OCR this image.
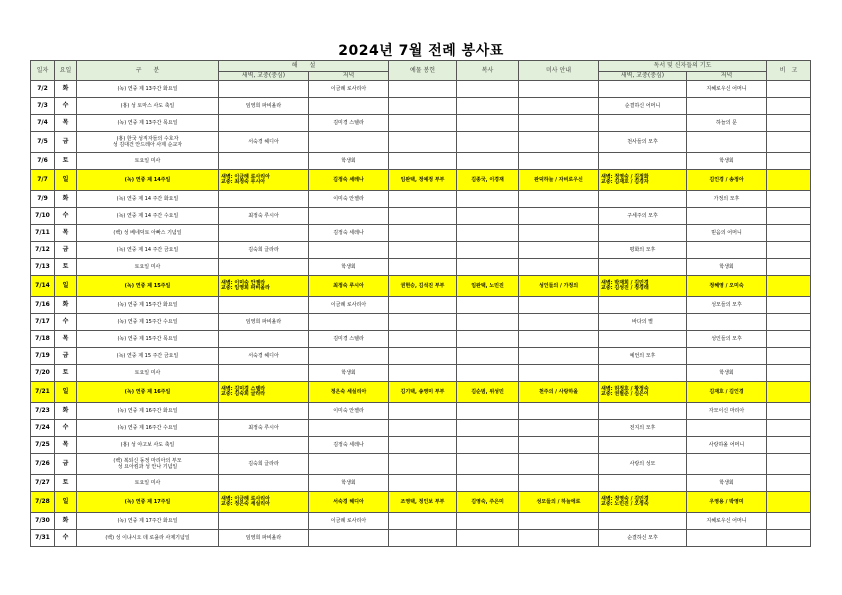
2024년 7월 전례 봉사표
일자	요일	구　　분	해　　설		예물 봉헌	복사	미사 안내	독서 및 신자들의 기도		비　고
			새벽, 교중(중심)	저녁				새벽, 교중(중심)	저녁	

7/2	화	(녹) 연중 제 13주간 화요일		이금례 로사리아					지혜로우신 어머니	

7/3	수	(홍) 성 토마스 사도 축일	임영희 파비올라					순결하신 어머니		

7/4	목	(녹) 연중 제 13주간 목요일		김미경 스텔라					하늘의 문	

7/5	금	(홍) 한국 성직자들의 수호자
성 김대건 안드레아 사제 순교자	서숙경 헤디아					천사들의 모후		

7/6	토	토요일 미사		학생회					학생회	

7/7	일	(녹) 연중 제 14주일	새벽: 이금례 로사리아
교중: 최정숙 루시아	김정숙 세레나	임완택, 정예정 부부	김종국, 이경재	완덕하늘 / 자비로우신	새벽: 정영숙 / 김정화
교중: 김재호 / 김경자	김인경 / 송정아	

7/9	화	(녹) 연중 제 14 주간 화요일		이미숙 안젤라					가정의 모후	

7/10	수	(녹) 연중 제 14 주간 수요일	최정숙 루시아					구세주의 모후		

7/11	목	(백) 성 베네딕토 아빠스 기념일		김정숙 세레나					믿음의 어머니	

7/12	금	(녹) 연중 제 14 주간 금요일	김숙희 글라라					평화의 모후		

7/13	토	토요일 미사		학생회					학생회	

7/14	일	(녹) 연중 제 15주일	새벽: 이미숙 안젤라
교중: 임영희 파비올라	최정숙 루시아	권현승, 김석진 부부	임완택, 노민진	성인들의 / 가정의	새벽: 박재희 / 김민경
교중: 김성진 / 정경래	정혜영 / 오미숙	

7/16	화	(녹) 연중 제 15주간 화요일		이금례 로사리아					성모들의 모후	

7/17	수	(녹) 연중 제 15주간 수요일	임영희 파비올라					바다의 별		

7/18	목	(녹) 연중 제 15주간 목요일		김미경 스텔라					성인들의 모후	

7/19	금	(녹) 연중 제 15 주간 금요일	서숙경 헤디아					예언의 모후		

7/20	토	토요일 미사		학생회					학생회	

7/21	일	(녹) 연중 제 16주일	새벽: 김미경 스텔라
교중: 김숙희 글라라	정은숙 세실리아	김기택, 송영미 부부	김순범, 위성민	천주의 / 사랑하올	새벽: 허정호 / 황정숙
교중: 권필준 / 심은이	김재호 / 김인경	

7/23	화	(녹) 연중 제 16주간 화요일		이미숙 안젤라					자모이신 마리아	

7/24	수	(녹) 연중 제 16주간 수요일	최정숙 루시아					전지의 모후		

7/25	목	(홍) 성 야고보 사도 축일		김정숙 세레나					사랑하올 어머니	

7/26	금	(백) 복되신 동정 마리아의 부모
성 요아킴과 성 안나 기념일	김숙희 글라라					사랑의 성모		

7/27	토	토요일 미사		학생회					학생회	

7/28	일	(녹) 연중 제 17주일	새벽: 이금례 로사리아
교중: 정은숙 세실리아	서숙경 헤디아	조영택, 정인보 부부	김영숙, 주은미	성모들의 / 하늘에로	새벽: 정영숙 / 김민경
교중: 노민진 / 오정숙	우영용 / 박영미	

7/30	화	(녹) 연중 제 17주간 화요일		이금례 로사리아					지혜로우신 어머니	

7/31	수	(백) 성 이냐시오 데 로욜라 사제기념일	임영희 파비올라					순결하신 모후		
